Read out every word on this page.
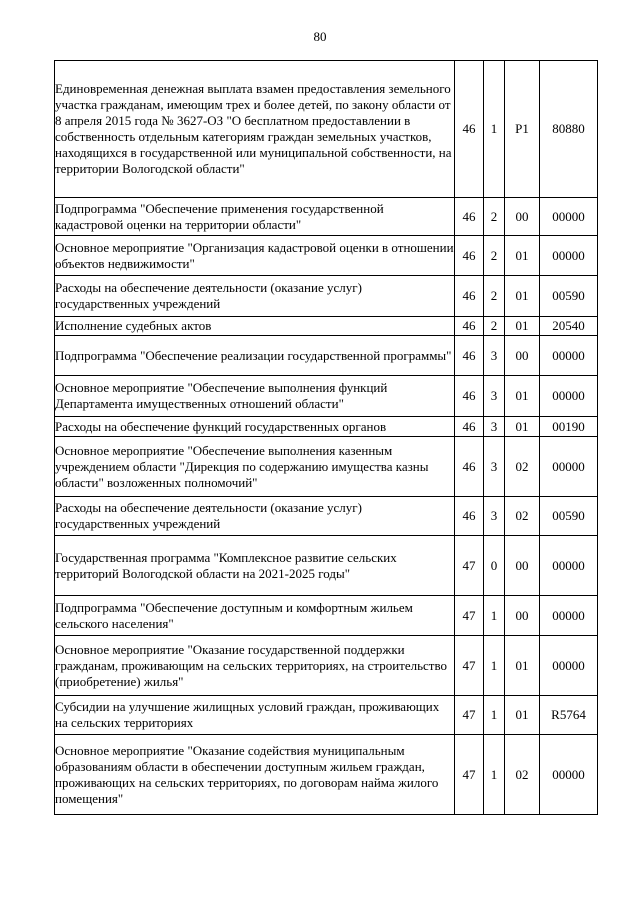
80
Единовременная денежная выплата взамен предоставления земельного участка гражданам, имеющим трех и более детей, по закону области от 8 апреля 2015 года № 3627-ОЗ "О бесплатном предоставлении в собственность отдельным категориям граждан земельных участков, находящихся в государственной или муниципальной собственности, на территории Вологодской области"	46	1	P1	80880
Подпрограмма "Обеспечение применения государственной кадастровой оценки на территории области"	46	2	00	00000
Основное мероприятие "Организация кадастровой оценки в отношении объектов недвижимости"	46	2	01	00000
Расходы на обеспечение деятельности (оказание услуг) государственных учреждений	46	2	01	00590
Исполнение судебных актов	46	2	01	20540
Подпрограмма "Обеспечение реализации государственной программы"	46	3	00	00000
Основное мероприятие "Обеспечение выполнения функций Департамента имущественных отношений области"	46	3	01	00000
Расходы на обеспечение функций государственных органов	46	3	01	00190
Основное мероприятие "Обеспечение выполнения казенным учреждением области "Дирекция по содержанию имущества казны области" возложенных полномочий"	46	3	02	00000
Расходы на обеспечение деятельности (оказание услуг) государственных учреждений	46	3	02	00590
Государственная программа "Комплексное развитие сельских территорий Вологодской области на 2021-2025 годы"	47	0	00	00000
Подпрограмма "Обеспечение доступным и комфортным жильем сельского населения"	47	1	00	00000
Основное мероприятие "Оказание государственной поддержки гражданам, проживающим на сельских территориях, на строительство (приобретение) жилья"	47	1	01	00000
Субсидии на улучшение жилищных условий граждан, проживающих на сельских территориях	47	1	01	R5764
Основное мероприятие "Оказание содействия муниципальным образованиям области в обеспечении доступным жильем граждан, проживающих на сельских территориях, по договорам найма жилого помещения"	47	1	02	00000
